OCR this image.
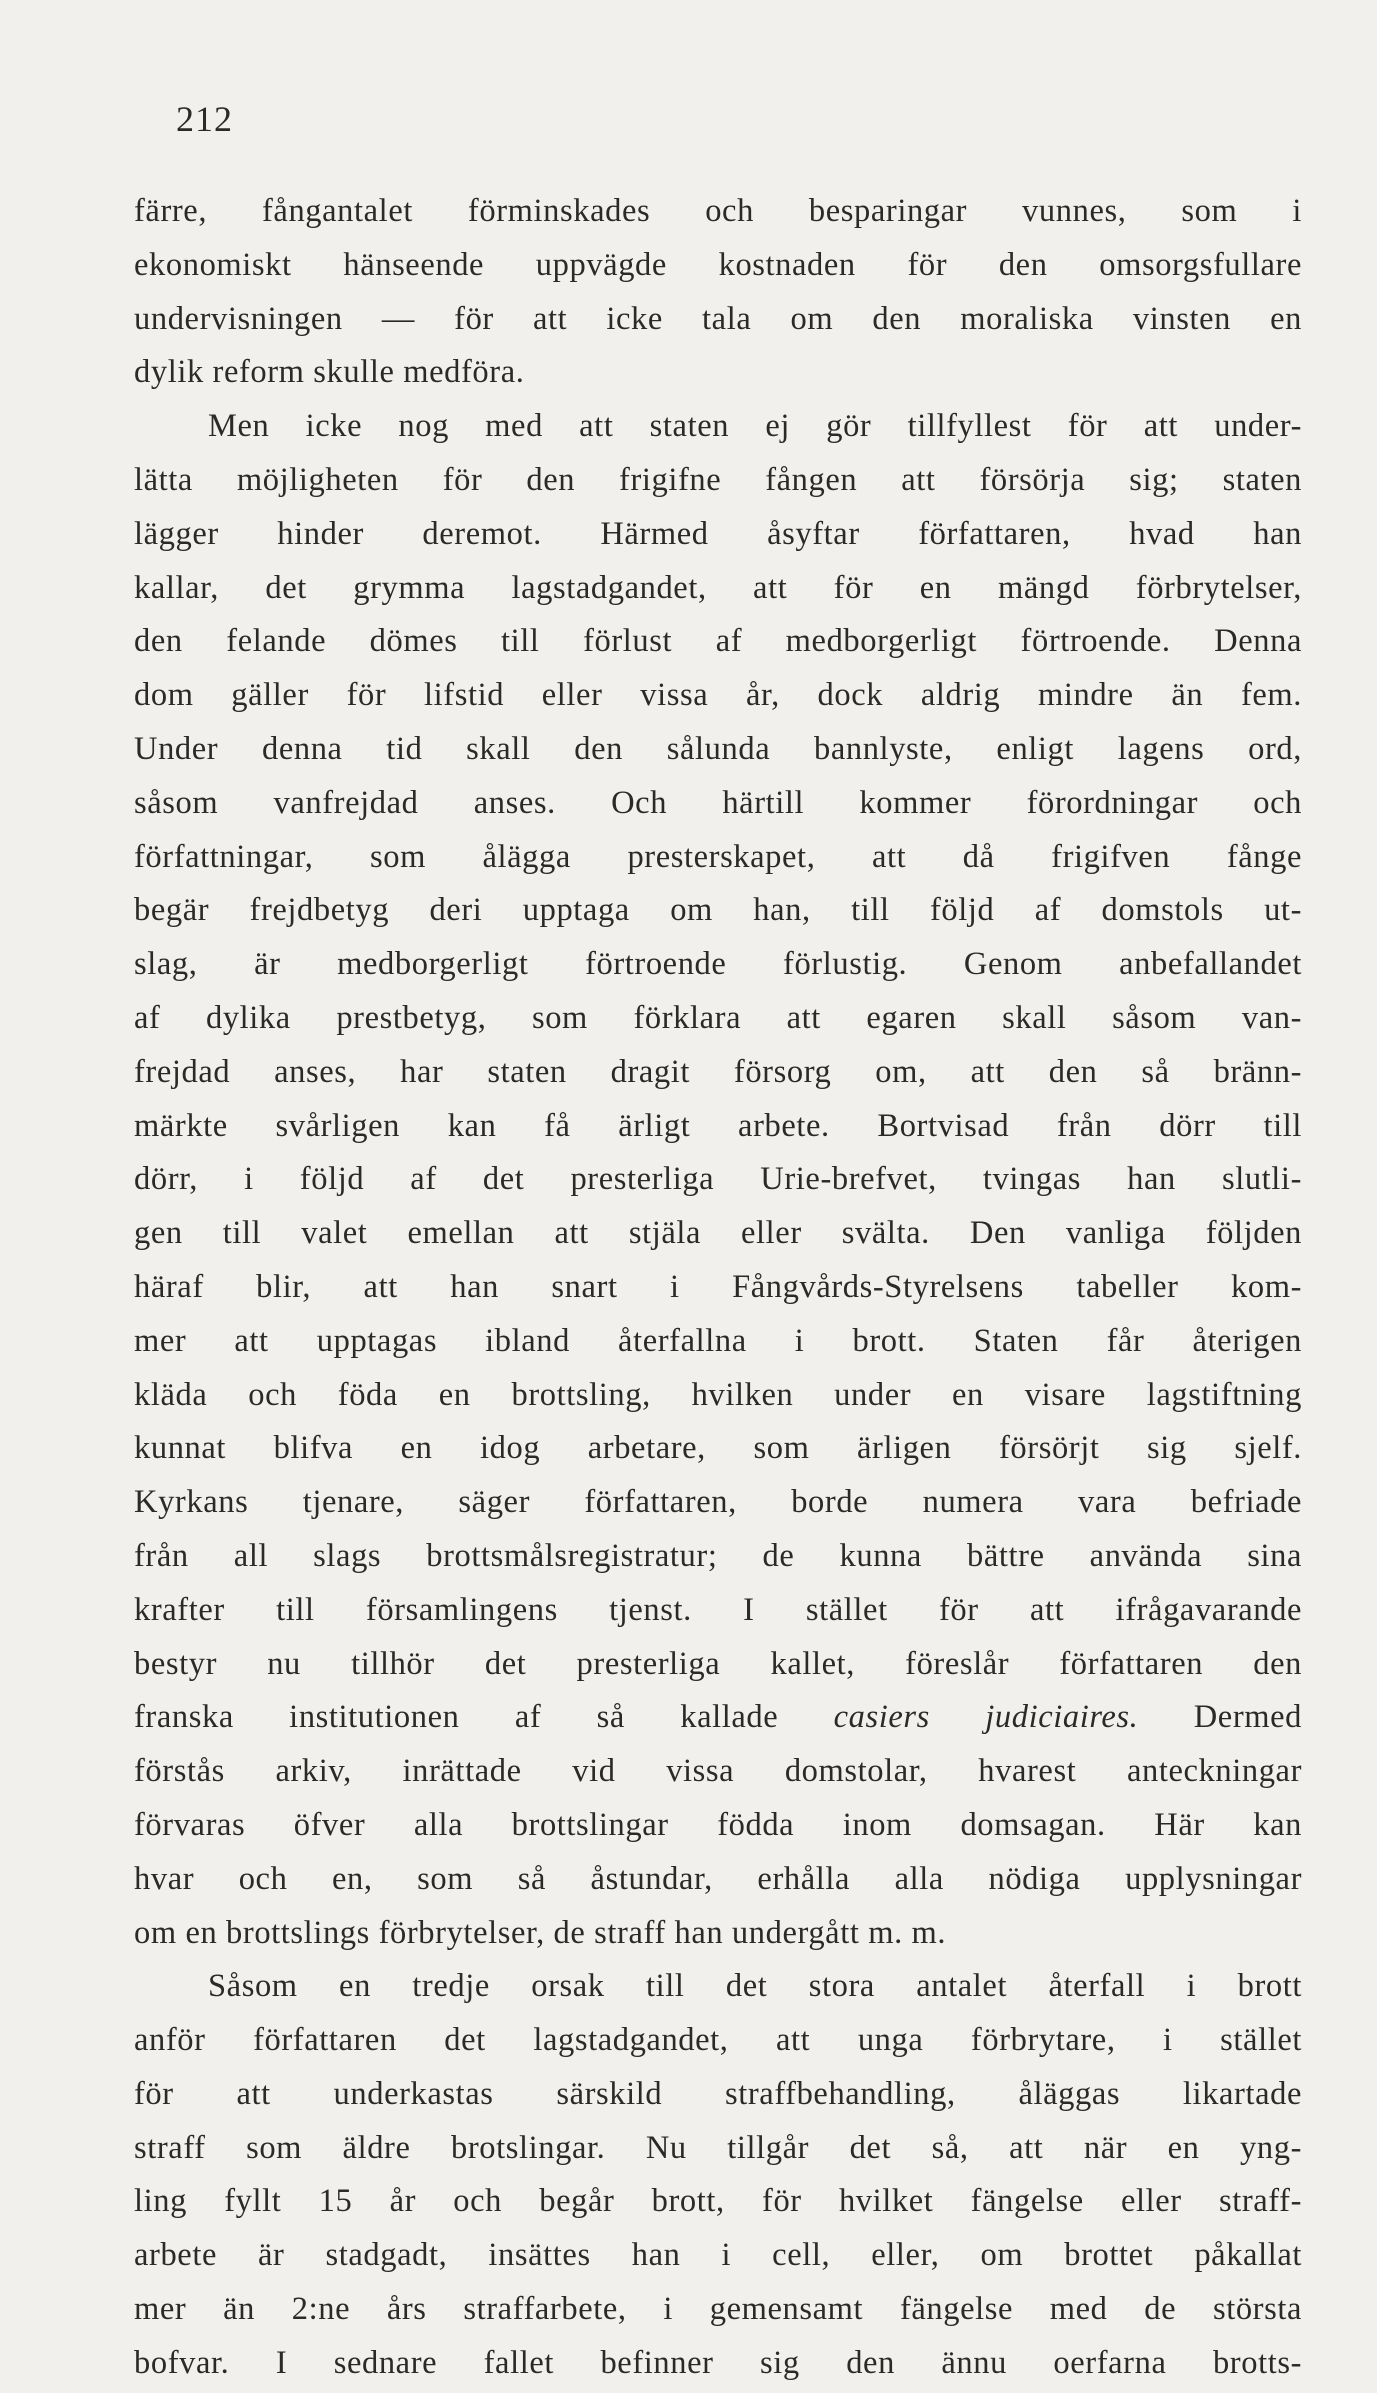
212
färre, fångantalet förminskades och besparingar vunnes, som i
ekonomiskt hänseende uppvägde kostnaden för den omsorgsfullare
undervisningen — för att icke tala om den moraliska vinsten en
dylik reform skulle medföra.
Men icke nog med att staten ej gör tillfyllest för att under-
lätta möjligheten för den frigifne fången att försörja sig; staten
lägger hinder deremot. Härmed åsyftar författaren, hvad han
kallar, det grymma lagstadgandet, att för en mängd förbrytelser,
den felande dömes till förlust af medborgerligt förtroende. Denna
dom gäller för lifstid eller vissa år, dock aldrig mindre än fem.
Under denna tid skall den sålunda bannlyste, enligt lagens ord,
såsom vanfrejdad anses. Och härtill kommer förordningar och
författningar, som ålägga presterskapet, att då frigifven fånge
begär frejdbetyg deri upptaga om han, till följd af domstols ut-
slag, är medborgerligt förtroende förlustig. Genom anbefallandet
af dylika prestbetyg, som förklara att egaren skall såsom van-
frejdad anses, har staten dragit försorg om, att den så bränn-
märkte svårligen kan få ärligt arbete. Bortvisad från dörr till
dörr, i följd af det presterliga Urie-brefvet, tvingas han slutli-
gen till valet emellan att stjäla eller svälta. Den vanliga följden
häraf blir, att han snart i Fångvårds-Styrelsens tabeller kom-
mer att upptagas ibland återfallna i brott. Staten får återigen
kläda och föda en brottsling, hvilken under en visare lagstiftning
kunnat blifva en idog arbetare, som ärligen försörjt sig sjelf.
Kyrkans tjenare, säger författaren, borde numera vara befriade
från all slags brottsmålsregistratur; de kunna bättre använda sina
krafter till församlingens tjenst. I stället för att ifrågavarande
bestyr nu tillhör det presterliga kallet, föreslår författaren den
franska institutionen af så kallade casiers judiciaires. Dermed
förstås arkiv, inrättade vid vissa domstolar, hvarest anteckningar
förvaras öfver alla brottslingar födda inom domsagan. Här kan
hvar och en, som så åstundar, erhålla alla nödiga upplysningar
om en brottslings förbrytelser, de straff han undergått m. m.
Såsom en tredje orsak till det stora antalet återfall i brott
anför författaren det lagstadgandet, att unga förbrytare, i stället
för att underkastas särskild straffbehandling, åläggas likartade
straff som äldre brotslingar. Nu tillgår det så, att när en yng-
ling fyllt 15 år och begår brott, för hvilket fängelse eller straff-
arbete är stadgadt, insättes han i cell, eller, om brottet påkallat
mer än 2:ne års straffarbete, i gemensamt fängelse med de största
bofvar. I sednare fallet befinner sig den ännu oerfarna brotts-
